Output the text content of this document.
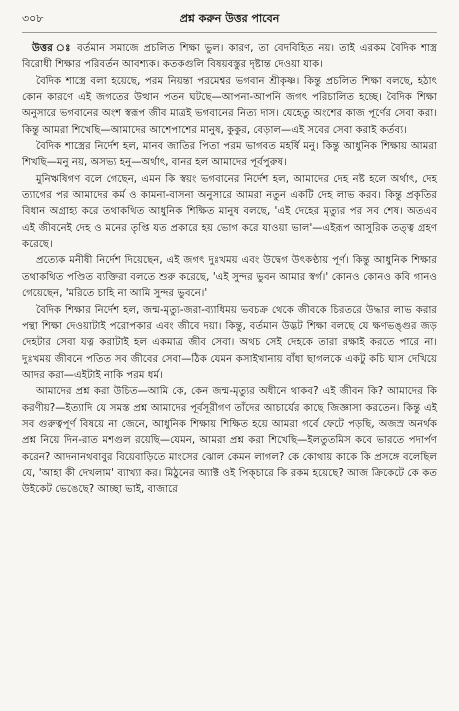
৩০৮	প্রশ্ন করুন উত্তর পাবেন

উত্তর ঃ বর্তমান সমাজে প্রচলিত শিক্ষা ভুল। কারণ, তা বেদবিহিত নয়। তাই এরকম বৈদিক শাস্ত্র বিরোধী শিক্ষার পরিবর্তন আবশ্যক। কতকগুলি বিষয়বস্তুর দৃষ্টান্ত দেওয়া যাক।

বৈদিক শাস্ত্রে বলা হয়েছে, পরম নিয়ন্তা পরমেশ্বর ভগবান শ্রীকৃষ্ণ। কিন্তু প্রচলিত শিক্ষা বলছে, হঠাৎ কোন কারণে এই জগতের উত্থান পতন ঘটছে—আপনা-আপনি জগৎ পরিচালিত হচ্ছে। বৈদিক শিক্ষা অনুসারে ভগবানের অংশ স্বরূপ জীব মাত্রই ভগবানের নিত্য দাস। যেহেতু অংশের কাজ পূর্ণের সেবা করা। কিন্তু আমরা শিখেছি—আমাদের আশেপাশের মানুষ, কুকুর, বেড়াল—এই সবের সেবা করাই কর্তব্য।

বৈদিক শাস্ত্রের নির্দেশ হল, মানব জাতির পিতা পরম ভাগবত মহর্ষি মনু। কিন্তু আধুনিক শিক্ষায় আমরা শিখছি—মনু নয়, অসভ্য হনু—অর্থাৎ, বানর হল আমাদের পূর্বপুরুষ।

মুনিঋষিগণ বলে গেছেন, এমন কি স্বয়ং ভগবানের নির্দেশ হল, আমাদের দেহ নষ্ট হলে অর্থাৎ, দেহ ত্যাগের পর আমাদের কর্ম ও কামনা-বাসনা অনুসারে আমরা নতুন একটি দেহ লাভ করব। কিন্তু প্রকৃতির বিধান অগ্রাহ্য করে তথাকথিত আধুনিক শিক্ষিত মানুষ বলছে, 'এই দেহের মৃত্যুর পর সব শেষ। অতএব এই জীবনেই দেহ ও মনের তৃপ্তি যত প্রকারে হয় ভোগ করে যাওয়া ভাল'—এইরূপ আসুরিক তত্ত্ব গ্রহণ করেছে।

প্রত্যেক মনীষী নির্দেশ দিয়েছেন, এই জগৎ দুঃখময় এবং উদ্বেগ উৎকণ্ঠায় পূর্ণ। কিন্তু আধুনিক শিক্ষার তথাকথিত পণ্ডিত ব্যক্তিরা বলতে শুরু করেছে, 'এই সুন্দর ভুবন আমার স্বর্গ।' কোনও কোনও কবি গানও গেয়েছেন, 'মরিতে চাহি না আমি সুন্দর ভুবনে।'

বৈদিক শিক্ষার নির্দেশ হল, জন্ম-মৃত্যু-জরা-ব্যাধিময় ভবচক্র থেকে জীবকে চিরতরে উদ্ধার লাভ করার পন্থা শিক্ষা দেওয়াটাই পরোপকার এবং জীবে দয়া। কিন্তু, বর্তমান উদ্ভট শিক্ষা বলছে যে ক্ষণভঙ্গুর জড় দেহটার সেবা যত্ন করাটাই হল একমাত্র জীব সেবা। অথচ সেই দেহকে তারা রক্ষাই করতে পারে না। দুঃখময় জীবনে পতিত সব জীবের সেবা—ঠিক যেমন কসাইখানায় বাঁধা ছাগলকে একটু কচি ঘাস দেখিয়ে আদর করা—এইটাই নাকি পরম ধর্ম।

আমাদের প্রশ্ন করা উচিত—আমি কে, কেন জন্ম-মৃত্যুর অধীনে থাকব? এই জীবন কি? আমাদের কি করণীয়?—ইত্যাদি যে সমস্ত প্রশ্ন আমাদের পূর্বসূরীগণ তাঁদের আচার্যের কাছে জিজ্ঞাসা করতেন। কিন্তু এই সব গুরুত্বপূর্ণ বিষয়ে না জেনে, আধুনিক শিক্ষায় শিক্ষিত হয়ে আমরা গর্বে ফেটে পড়ছি, অজস্র অনর্থক প্রশ্ন নিয়ে দিন-রাত মশগুল রয়েছি—যেমন, আমরা প্রশ্ন করা শিখেছি—ইলতুতমিস কবে ভারতে পদার্পণ করেন? আদনানথবাবুর বিয়েবাড়িতে মাংসের ঝোল কেমন লাগল? কে কোথায় কাকে কি প্রসঙ্গে বলেছিল যে, 'আহা কী দেখলাম' ব্যাখ্যা কর। মিঠুনের অ্যাক্ট ওই পিক্চারে কি রকম হয়েছে? আজ ক্রিকেটে কে কত উইকেট ভেঙেছে? আচ্ছা ভাই, বাজারে
